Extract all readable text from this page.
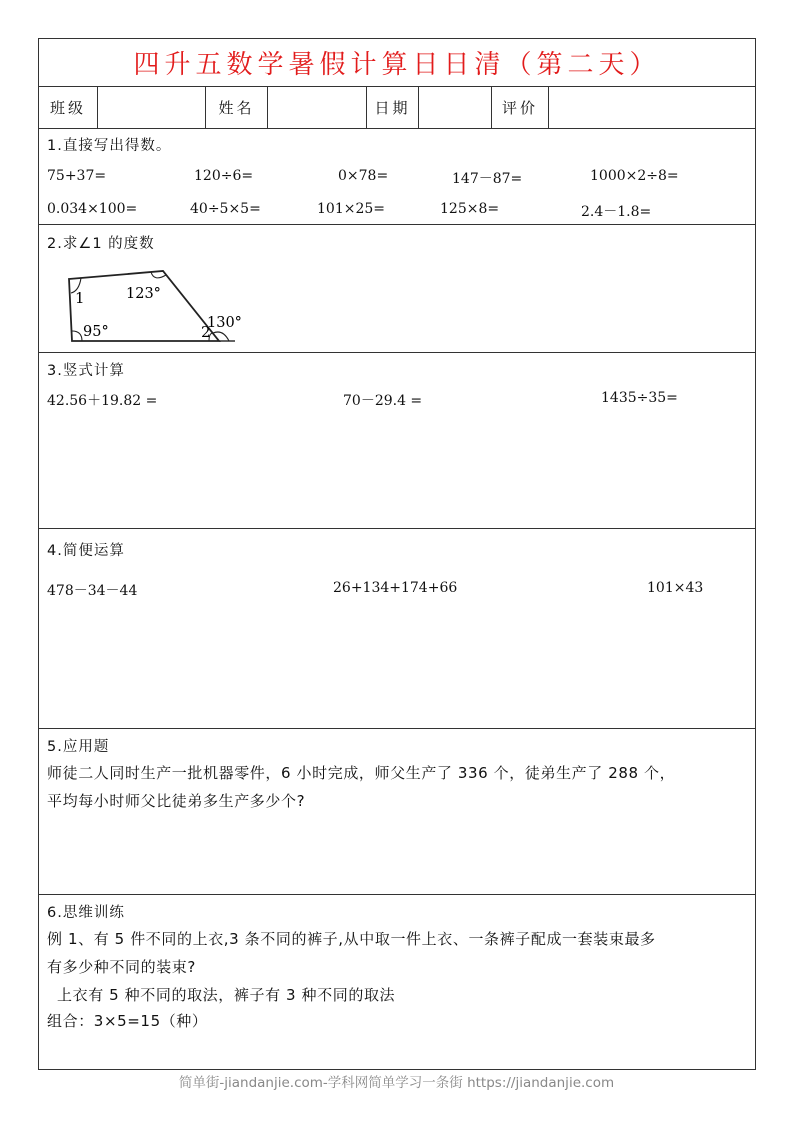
四升五数学暑假计算日日清（第二天）
班级	姓名	日期	评价
1.直接写出得数。
75+37=	120÷6=	0×78=	147－87=	1000×2÷8=
0.034×100=	40÷5×5=	101×25=	125×8=	2.4－1.8=
2.求∠1 的度数
1	123°
95°	2
130°
3.竖式计算
42.56＋19.82 =	70－29.4 =	1435÷35=
4.简便运算
478－34－44	26+134+174+66	101×43
5.应用题
师徒二人同时生产一批机器零件，6 小时完成，师父生产了 336 个，徒弟生产了 288 个，
平均每小时师父比徒弟多生产多少个?
6.思维训练
例 1、有 5 件不同的上衣,3 条不同的裤子,从中取一件上衣、一条裤子配成一套装束最多
有多少种不同的装束?
上衣有 5 种不同的取法，裤子有 3 种不同的取法
组合：3×5=15（种）
简单街-jiandanjie.com-学科网简单学习一条街 https://jiandanjie.com
